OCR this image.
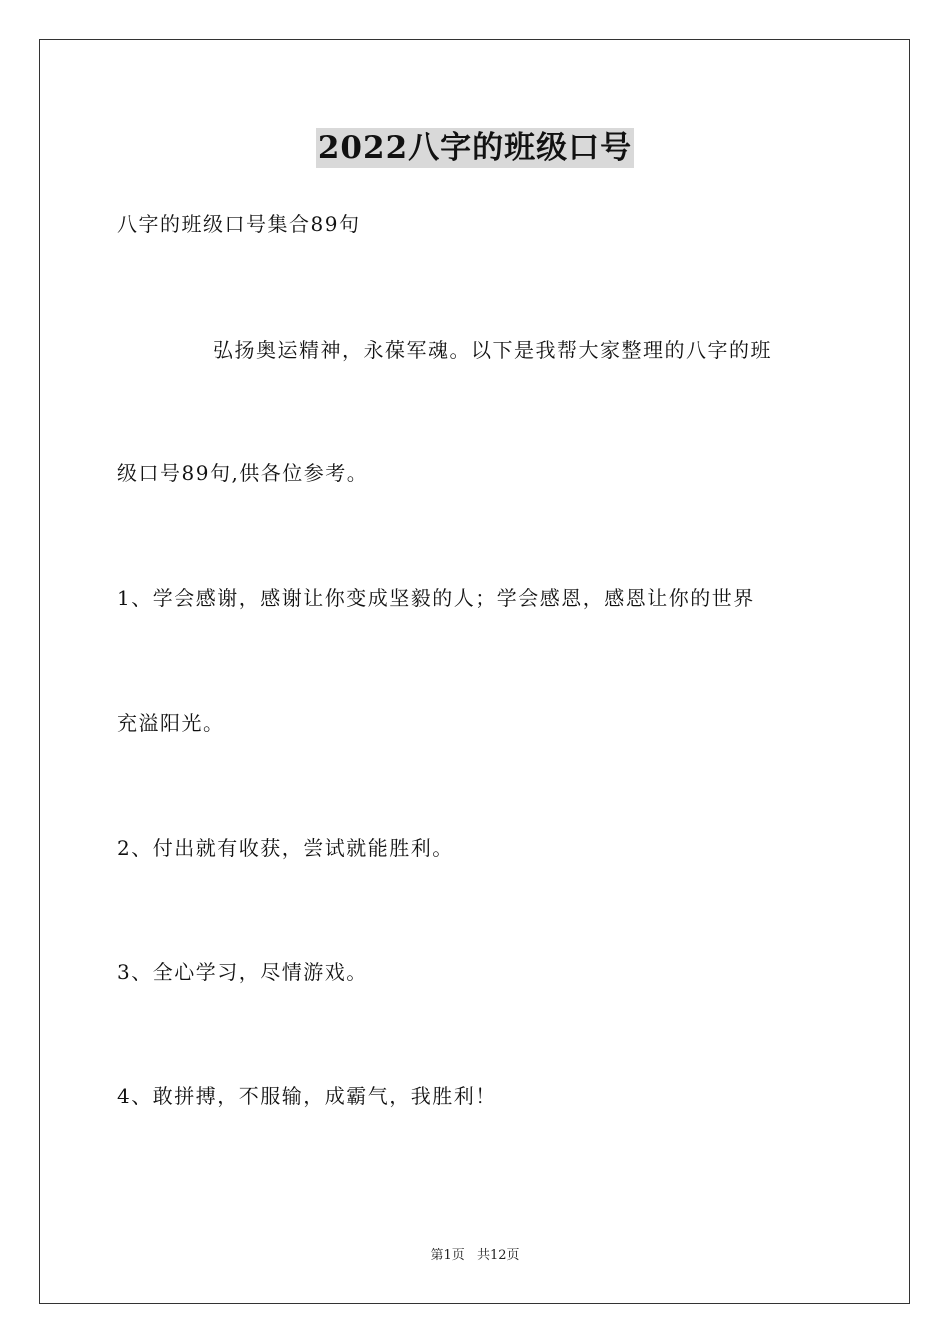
2022八字的班级口号
八字的班级口号集合89句
弘扬奥运精神，永葆军魂。以下是我帮大家整理的八字的班
级口号89句,供各位参考。
1、学会感谢，感谢让你变成坚毅的人；学会感恩，感恩让你的世界
充溢阳光。
2、付出就有收获，尝试就能胜利。
3、全心学习，尽情游戏。
4、敢拼搏，不服输，成霸气，我胜利！
第1页 共12页
